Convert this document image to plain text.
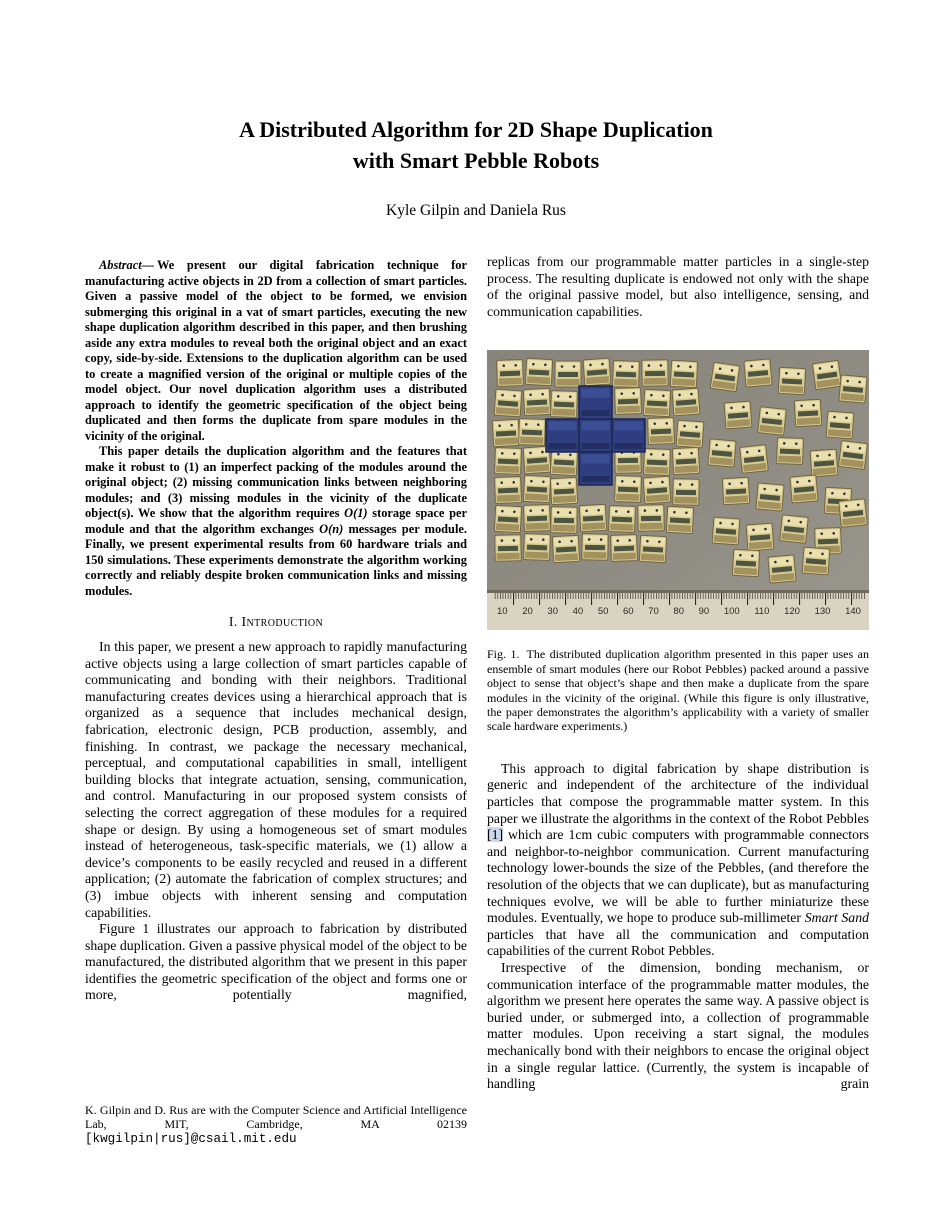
A Distributed Algorithm for 2D Shape Duplication
with Smart Pebble Robots
Kyle Gilpin and Daniela Rus

Abstract— We present our digital fabrication technique for manufacturing active objects in 2D from a collection of smart particles. Given a passive model of the object to be formed, we envision submerging this original in a vat of smart particles, executing the new shape duplication algorithm described in this paper, and then brushing aside any extra modules to reveal both the original object and an exact copy, side-by-side. Extensions to the duplication algorithm can be used to create a magnified version of the original or multiple copies of the model object. Our novel duplication algorithm uses a distributed approach to identify the geometric specification of the object being duplicated and then forms the duplicate from spare modules in the vicinity of the original.

This paper details the duplication algorithm and the features that make it robust to (1) an imperfect packing of the modules around the original object; (2) missing communication links between neighboring modules; and (3) missing modules in the vicinity of the duplicate object(s). We show that the algorithm requires O(1) storage space per module and that the algorithm exchanges O(n) messages per module. Finally, we present experimental results from 60 hardware trials and 150 simulations. These experiments demonstrate the algorithm working correctly and reliably despite broken communication links and missing modules.

I. Introduction

In this paper, we present a new approach to rapidly manufacturing active objects using a large collection of smart particles capable of communicating and bonding with their neighbors. Traditional manufacturing creates devices using a hierarchical approach that is organized as a sequence that includes mechanical design, fabrication, electronic design, PCB production, assembly, and finishing. In contrast, we package the necessary mechanical, perceptual, and computational capabilities in small, intelligent building blocks that integrate actuation, sensing, communication, and control. Manufacturing in our proposed system consists of selecting the correct aggregation of these modules for a required shape or design. By using a homogeneous set of smart modules instead of heterogeneous, task-specific materials, we (1) allow a device’s components to be easily recycled and reused in a different application; (2) automate the fabrication of complex structures; and (3) imbue objects with inherent sensing and computation capabilities.

Figure 1 illustrates our approach to fabrication by distributed shape duplication. Given a passive physical model of the object to be manufactured, the distributed algorithm that we present in this paper identifies the geometric specification of the object and forms one or more, potentially magnified,

K. Gilpin and D. Rus are with the Computer Science and Artificial Intelligence Lab, MIT, Cambridge, MA 02139

[kwgilpin|rus]@csail.mit.edu

replicas from our programmable matter particles in a single-step process. The resulting duplicate is endowed not only with the shape of the original passive model, but also intelligence, sensing, and communication capabilities.

10 20 30 40 50 60 70 80 90 100 110 120 130 140
Fig. 1. The distributed duplication algorithm presented in this paper uses an ensemble of smart modules (here our Robot Pebbles) packed around a passive object to sense that object’s shape and then make a duplicate from the spare modules in the vicinity of the original. (While this figure is only illustrative, the paper demonstrates the algorithm’s applicability with a variety of smaller scale hardware experiments.)

This approach to digital fabrication by shape distribution is generic and independent of the architecture of the individual particles that compose the programmable matter system. In this paper we illustrate the algorithms in the context of the Robot Pebbles [1] which are 1cm cubic computers with programmable connectors and neighbor-to-neighbor communication. Current manufacturing technology lower-bounds the size of the Pebbles, (and therefore the resolution of the objects that we can duplicate), but as manufacturing techniques evolve, we will be able to further miniaturize these modules. Eventually, we hope to produce sub-millimeter Smart Sand particles that have all the communication and computation capabilities of the current Robot Pebbles.

Irrespective of the dimension, bonding mechanism, or communication interface of the programmable matter modules, the algorithm we present here operates the same way. A passive object is buried under, or submerged into, a collection of programmable matter modules. Upon receiving a start signal, the modules mechanically bond with their neighbors to encase the original object in a single regular lattice. (Currently, the system is incapable of handling grain
